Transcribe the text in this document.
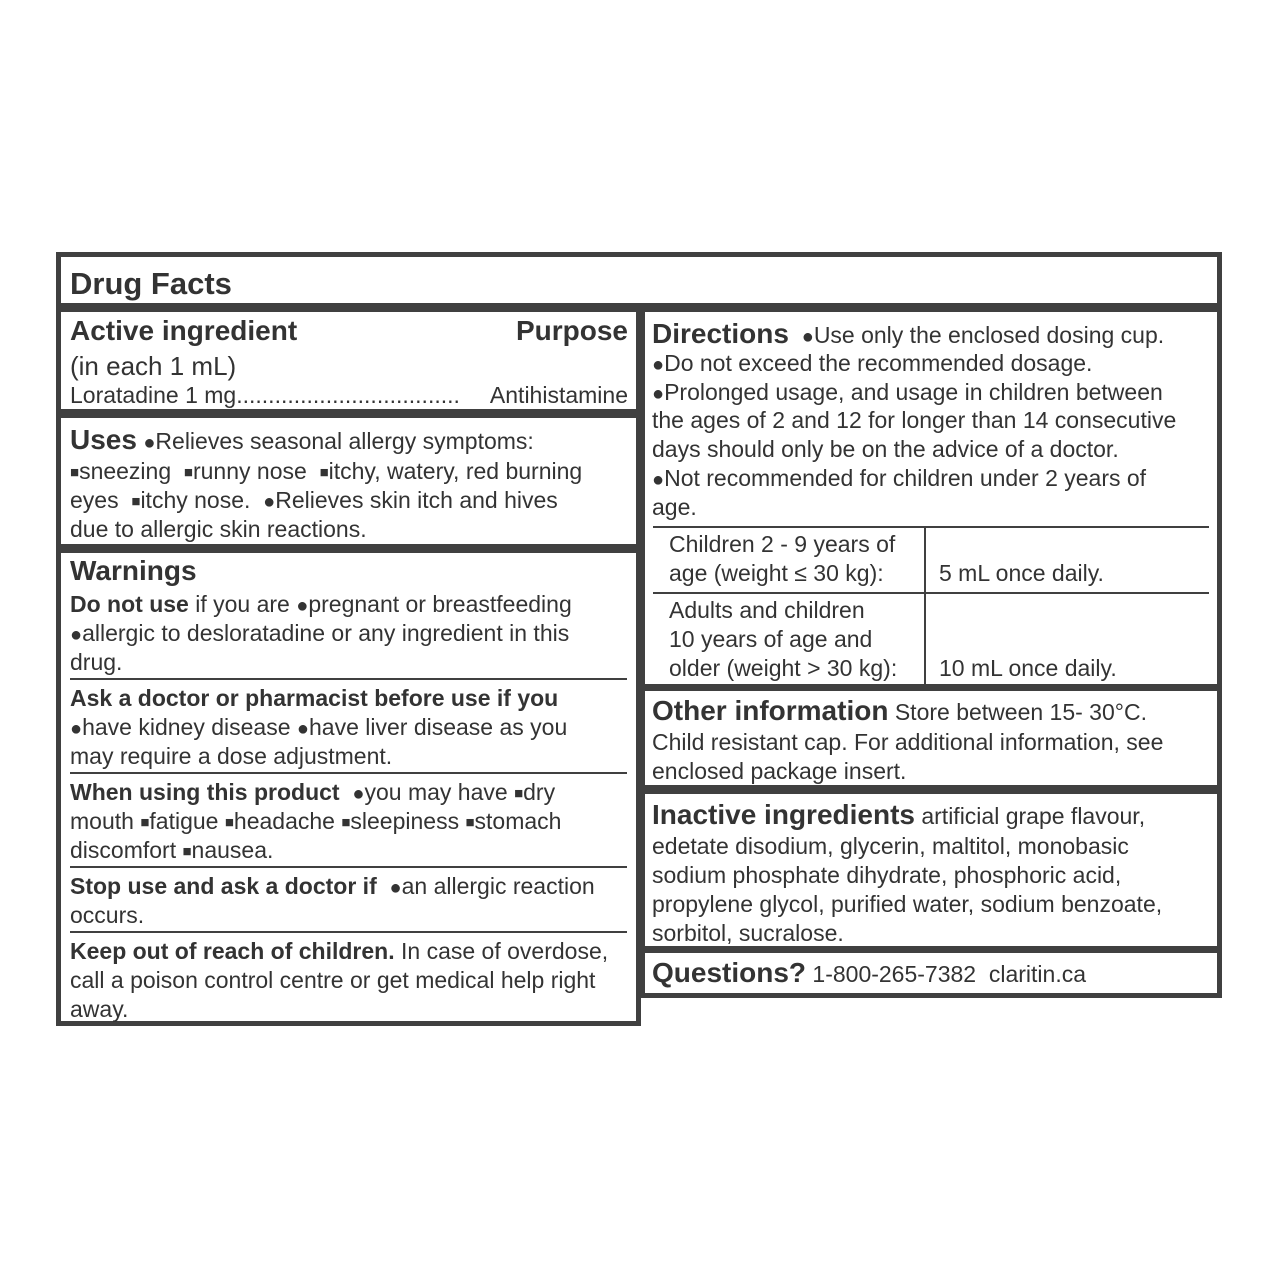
Drug Facts
Active ingredient	Purpose
(in each 1 mL)
Loratadine 1 mg................................... Antihistamine
Uses ●Relieves seasonal allergy symptoms:
■sneezing ■runny nose ■itchy, watery, red burning
eyes ■itchy nose. ●Relieves skin itch and hives
due to allergic skin reactions.
Warnings
Do not use if you are ●pregnant or breastfeeding
●allergic to desloratadine or any ingredient in this
drug.
Ask a doctor or pharmacist before use if you
●have kidney disease ●have liver disease as you
may require a dose adjustment.
When using this product ●you may have ■dry
mouth ■fatigue ■headache ■sleepiness ■stomach
discomfort ■nausea.
Stop use and ask a doctor if ●an allergic reaction
occurs.
Keep out of reach of children. In case of overdose,
call a poison control centre or get medical help right
away.
Directions ●Use only the enclosed dosing cup.
●Do not exceed the recommended dosage.
●Prolonged usage, and usage in children between
the ages of 2 and 12 for longer than 14 consecutive
days should only be on the advice of a doctor.
●Not recommended for children under 2 years of
age.
Children 2 - 9 years of
age (weight ≤ 30 kg): 5 mL once daily.
Adults and children
10 years of age and
older (weight > 30 kg): 10 mL once daily.
Other information Store between 15- 30°C.
Child resistant cap. For additional information, see
enclosed package insert.
Inactive ingredients artificial grape flavour,
edetate disodium, glycerin, maltitol, monobasic
sodium phosphate dihydrate, phosphoric acid,
propylene glycol, purified water, sodium benzoate,
sorbitol, sucralose.
Questions? 1-800-265-7382 claritin.ca
